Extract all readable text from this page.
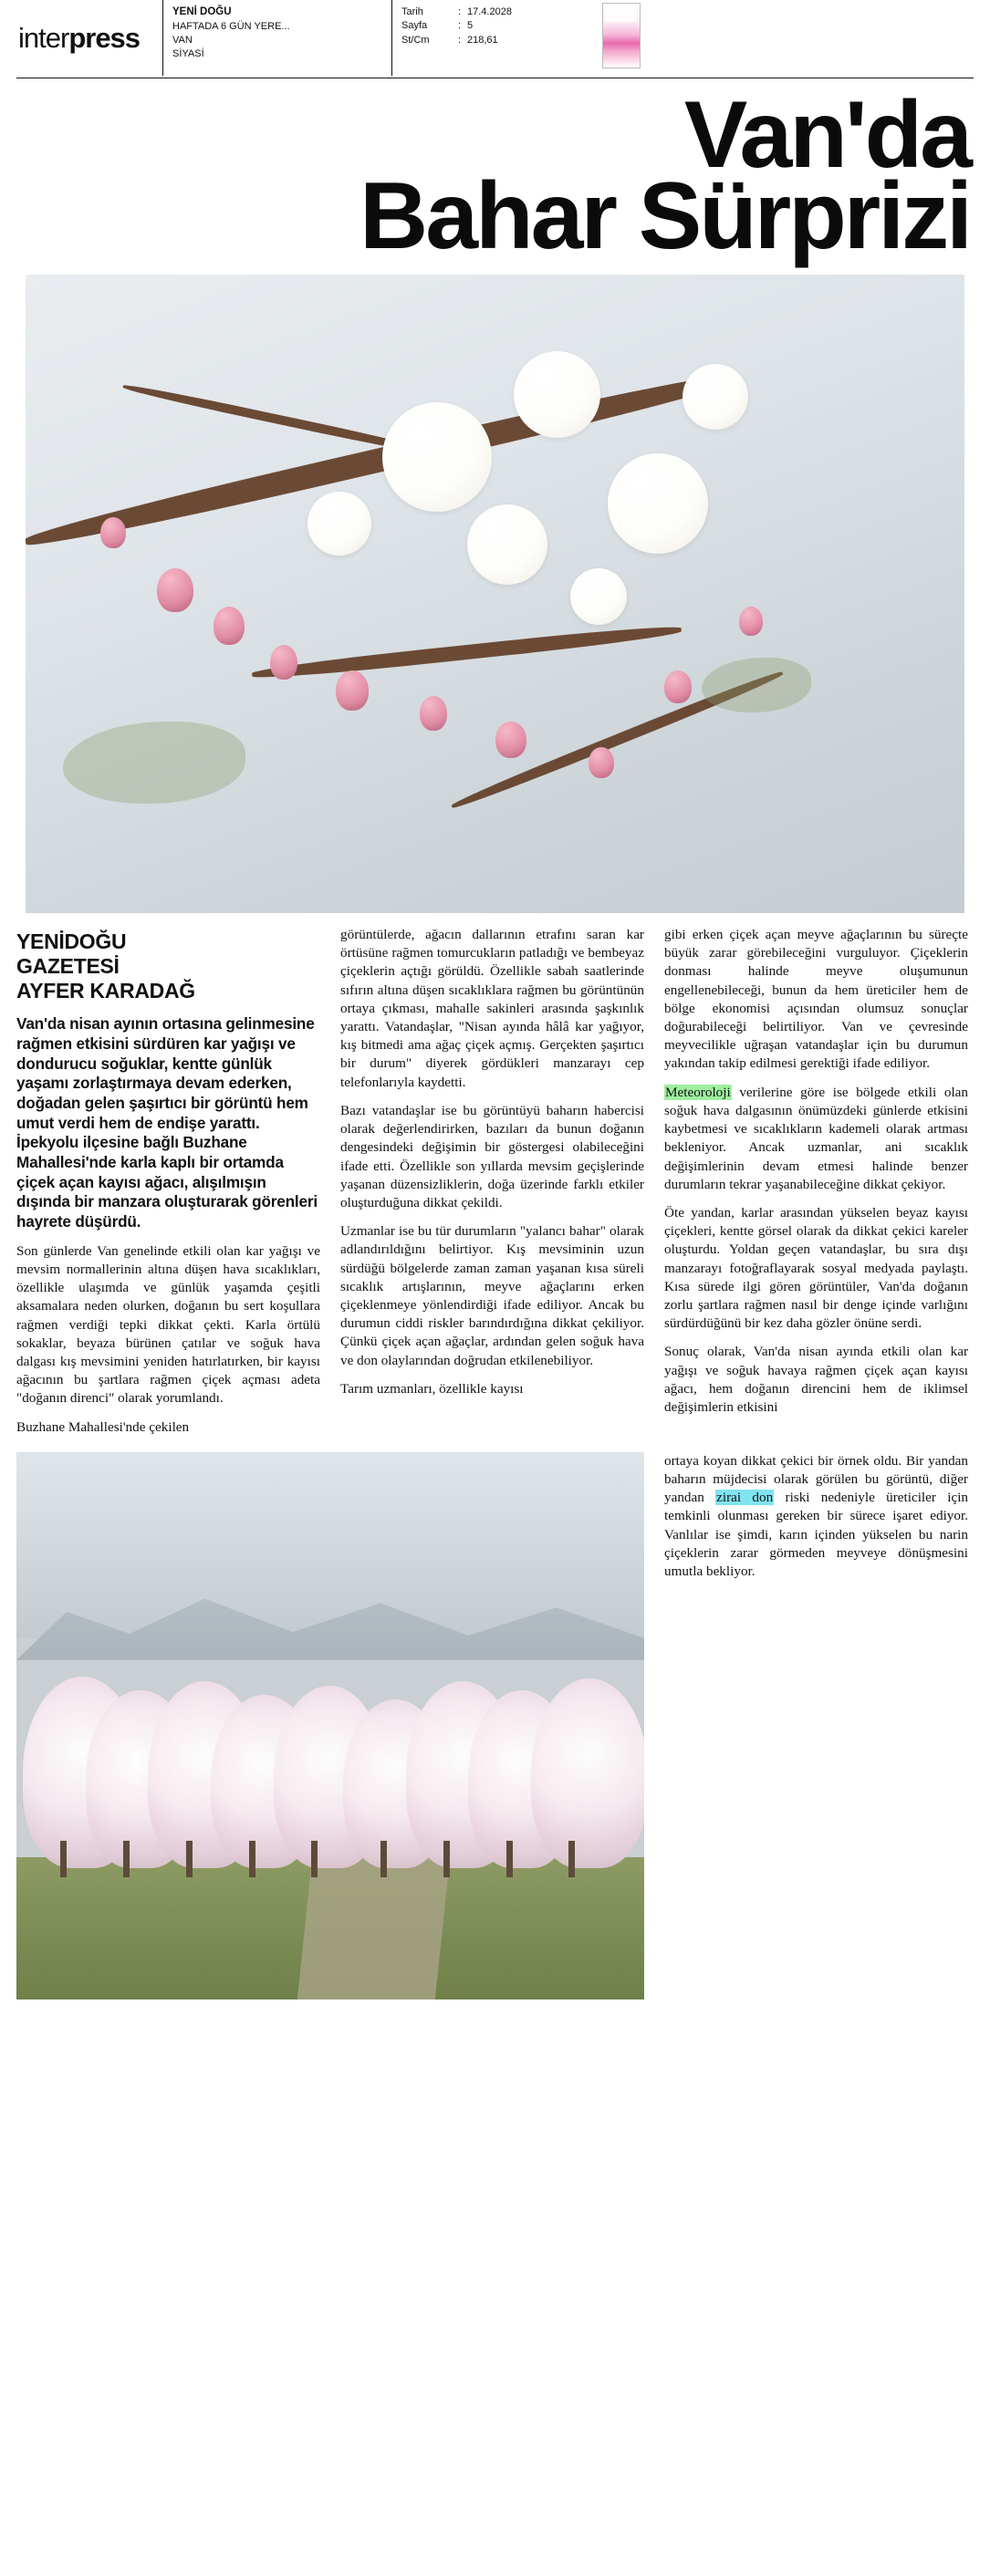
inter press
YENİ DOĞU
HAFTADA 6 GÜN YERE...
VAN
SİYASİ
Tarih	: 17.4.2028
Sayfa	: 5
St/Cm	: 218,61
Van'da
Bahar Sürprizi
YENİDOĞU
GAZETESİ
AYFER KARADAĞ

Van'da nisan ayının ortasına gelinmesine rağmen etkisini sürdüren kar yağışı ve dondurucu soğuklar, kentte günlük yaşamı zorlaştırmaya devam ederken, doğadan gelen şaşırtıcı bir görüntü hem umut verdi hem de endişe yarattı. İpekyolu ilçesine bağlı Buzhane Mahallesi'nde karla kaplı bir ortamda çiçek açan kayısı ağacı, alışılmışın dışında bir manzara oluşturarak görenleri hayrete düşürdü.

Son günlerde Van genelinde etkili olan kar yağışı ve mevsim normallerinin altına düşen hava sıcaklıkları, özellikle ulaşımda ve günlük yaşamda çeşitli aksamalara neden olurken, doğanın bu sert koşullara rağmen verdiği tepki dikkat çekti. Karla örtülü sokaklar, beyaza bürünen çatılar ve soğuk hava dalgası kış mevsimini yeniden hatırlatırken, bir kayısı ağacının bu şartlara rağmen çiçek açması adeta "doğanın direnci" olarak yorumlandı.

Buzhane Mahallesi'nde çekilen

görüntülerde, ağacın dallarının etrafını saran kar örtüsüne rağmen tomurcukların patladığı ve bembeyaz çiçeklerin açtığı görüldü. Özellikle sabah saatlerinde sıfırın altına düşen sıcaklıklara rağmen bu görüntünün ortaya çıkması, mahalle sakinleri arasında şaşkınlık yarattı. Vatandaşlar, "Nisan ayında hâlâ kar yağıyor, kış bitmedi ama ağaç çiçek açmış. Gerçekten şaşırtıcı bir durum" diyerek gördükleri manzarayı cep telefonlarıyla kaydetti.

Bazı vatandaşlar ise bu görüntüyü baharın habercisi olarak değerlendirirken, bazıları da bunun doğanın dengesindeki değişimin bir göstergesi olabileceğini ifade etti. Özellikle son yıllarda mevsim geçişlerinde yaşanan düzensizliklerin, doğa üzerinde farklı etkiler oluşturduğuna dikkat çekildi.

Uzmanlar ise bu tür durumların "yalancı bahar" olarak adlandırıldığını belirtiyor. Kış mevsiminin uzun sürdüğü bölgelerde zaman zaman yaşanan kısa süreli sıcaklık artışlarının, meyve ağaçlarını erken çiçeklenmeye yönlendirdiği ifade ediliyor. Ancak bu durumun ciddi riskler barındırdığına dikkat çekiliyor. Çünkü çiçek açan ağaçlar, ardından gelen soğuk hava ve don olaylarından doğrudan etkilenebiliyor.

Tarım uzmanları, özellikle kayısı

gibi erken çiçek açan meyve ağaçlarının bu süreçte büyük zarar görebileceğini vurguluyor. Çiçeklerin donması halinde meyve oluşumunun engellenebileceği, bunun da hem üreticiler hem de bölge ekonomisi açısından olumsuz sonuçlar doğurabileceği belirtiliyor. Van ve çevresinde meyvecilikle uğraşan vatandaşlar için bu durumun yakından takip edilmesi gerektiği ifade ediliyor.

Meteoroloji verilerine göre ise bölgede etkili olan soğuk hava dalgasının önümüzdeki günlerde etkisini kaybetmesi ve sıcaklıkların kademeli olarak artması bekleniyor. Ancak uzmanlar, ani sıcaklık değişimlerinin devam etmesi halinde benzer durumların tekrar yaşanabileceğine dikkat çekiyor.

Öte yandan, karlar arasından yükselen beyaz kayısı çiçekleri, kentte görsel olarak da dikkat çekici kareler oluşturdu. Yoldan geçen vatandaşlar, bu sıra dışı manzarayı fotoğraflayarak sosyal medyada paylaştı. Kısa sürede ilgi gören görüntüler, Van'da doğanın zorlu şartlara rağmen nasıl bir denge içinde varlığını sürdürdüğünü bir kez daha gözler önüne serdi.

Sonuç olarak, Van'da nisan ayında etkili olan kar yağışı ve soğuk havaya rağmen çiçek açan kayısı ağacı, hem doğanın direncini hem de iklimsel değişimlerin etkisini

ortaya koyan dikkat çekici bir örnek oldu. Bir yandan baharın müjdecisi olarak görülen bu görüntü, diğer yandan zirai don riski nedeniyle üreticiler için temkinli olunması gereken bir sürece işaret ediyor. Vanlılar ise şimdi, karın içinden yükselen bu narin çiçeklerin zarar görmeden meyveye dönüşmesini umutla bekliyor.
